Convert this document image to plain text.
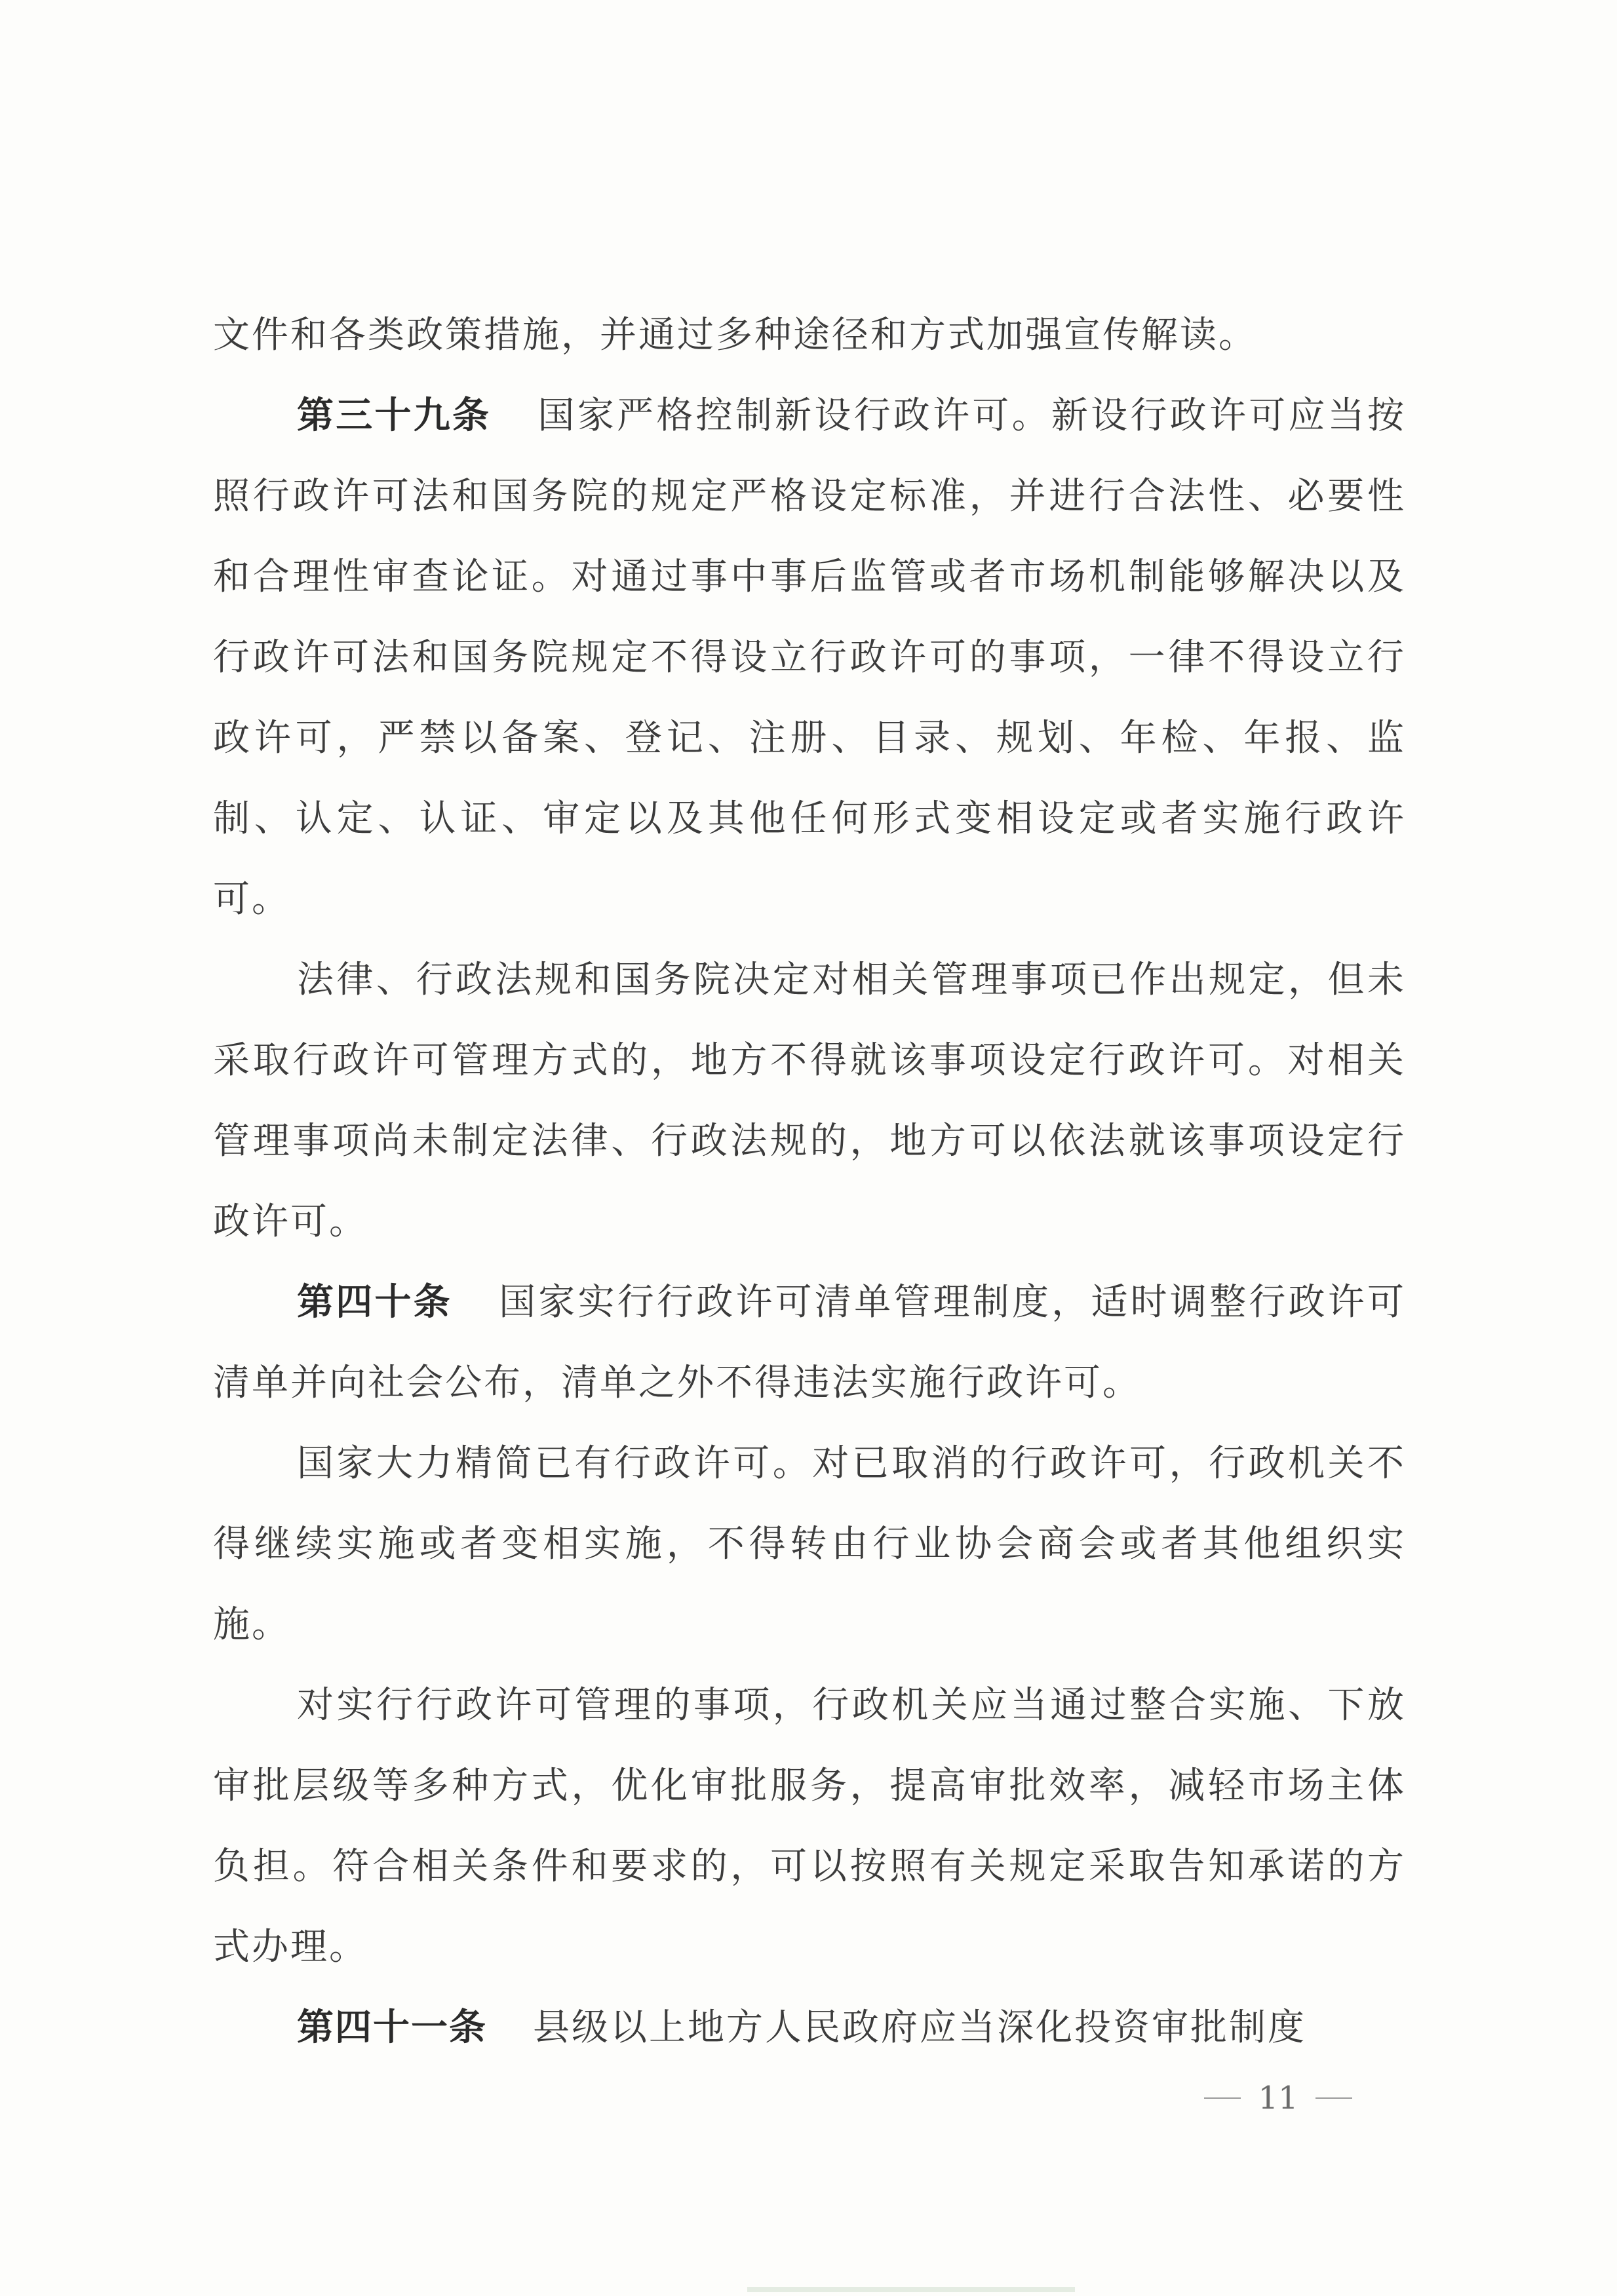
文件和各类政策措施，并通过多种途径和方式加强宣传解读。

第三十九条 国家严格控制新设行政许可。新设行政许可应当按照行政许可法和国务院的规定严格设定标准，并进行合法性、必要性和合理性审查论证。对通过事中事后监管或者市场机制能够解决以及行政许可法和国务院规定不得设立行政许可的事项，一律不得设立行政许可，严禁以备案、登记、注册、目录、规划、年检、年报、监制、认定、认证、审定以及其他任何形式变相设定或者实施行政许可。

法律、行政法规和国务院决定对相关管理事项已作出规定，但未采取行政许可管理方式的，地方不得就该事项设定行政许可。对相关管理事项尚未制定法律、行政法规的，地方可以依法就该事项设定行政许可。

第四十条 国家实行行政许可清单管理制度，适时调整行政许可清单并向社会公布，清单之外不得违法实施行政许可。

国家大力精简已有行政许可。对已取消的行政许可，行政机关不得继续实施或者变相实施，不得转由行业协会商会或者其他组织实施。

对实行行政许可管理的事项，行政机关应当通过整合实施、下放审批层级等多种方式，优化审批服务，提高审批效率，减轻市场主体负担。符合相关条件和要求的，可以按照有关规定采取告知承诺的方式办理。

第四十一条 县级以上地方人民政府应当深化投资审批制度

11
